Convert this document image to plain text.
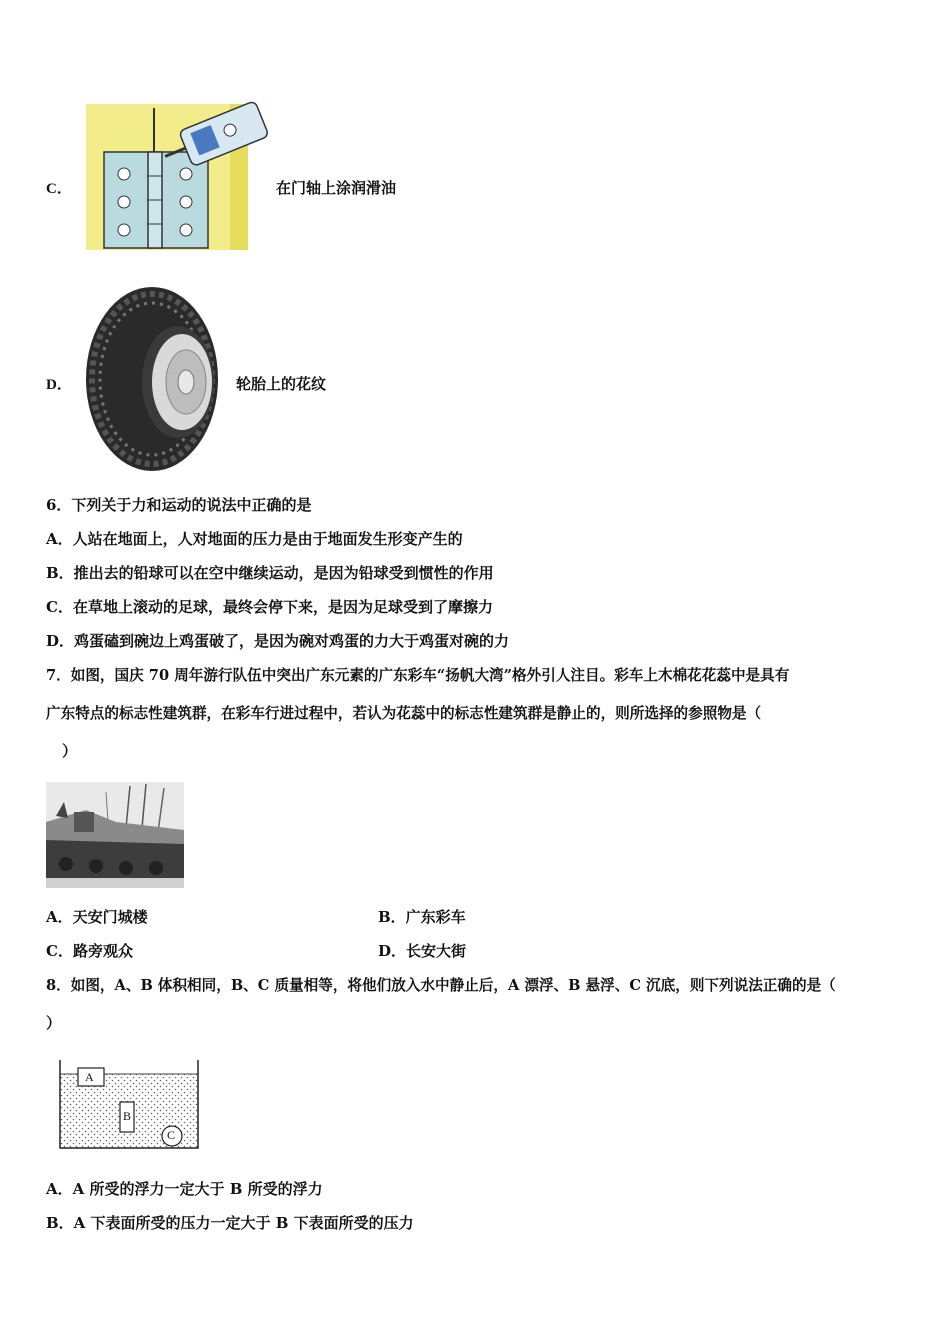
C．	在门轴上涂润滑油
D．	轮胎上的花纹
6．下列关于力和运动的说法中正确的是
A．人站在地面上，人对地面的压力是由于地面发生形变产生的
B．推出去的铅球可以在空中继续运动，是因为铅球受到惯性的作用
C．在草地上滚动的足球，最终会停下来，是因为足球受到了摩擦力
D．鸡蛋磕到碗边上鸡蛋破了，是因为碗对鸡蛋的力大于鸡蛋对碗的力
7．如图，国庆 70 周年游行队伍中突出广东元素的广东彩车“扬帆大湾”格外引人注目。彩车上木棉花花蕊中是具有
广东特点的标志性建筑群，在彩车行进过程中，若认为花蕊中的标志性建筑群是静止的，则所选择的参照物是（
）
A．天安门城楼	B．广东彩车
C．路旁观众	D．长安大街
8．如图，A、B 体积相同，B、C 质量相等，将他们放入水中静止后，A 漂浮、B 悬浮、C 沉底，则下列说法正确的是（
）
A
B
C
A．A 所受的浮力一定大于 B 所受的浮力
B．A 下表面所受的压力一定大于 B 下表面所受的压力
